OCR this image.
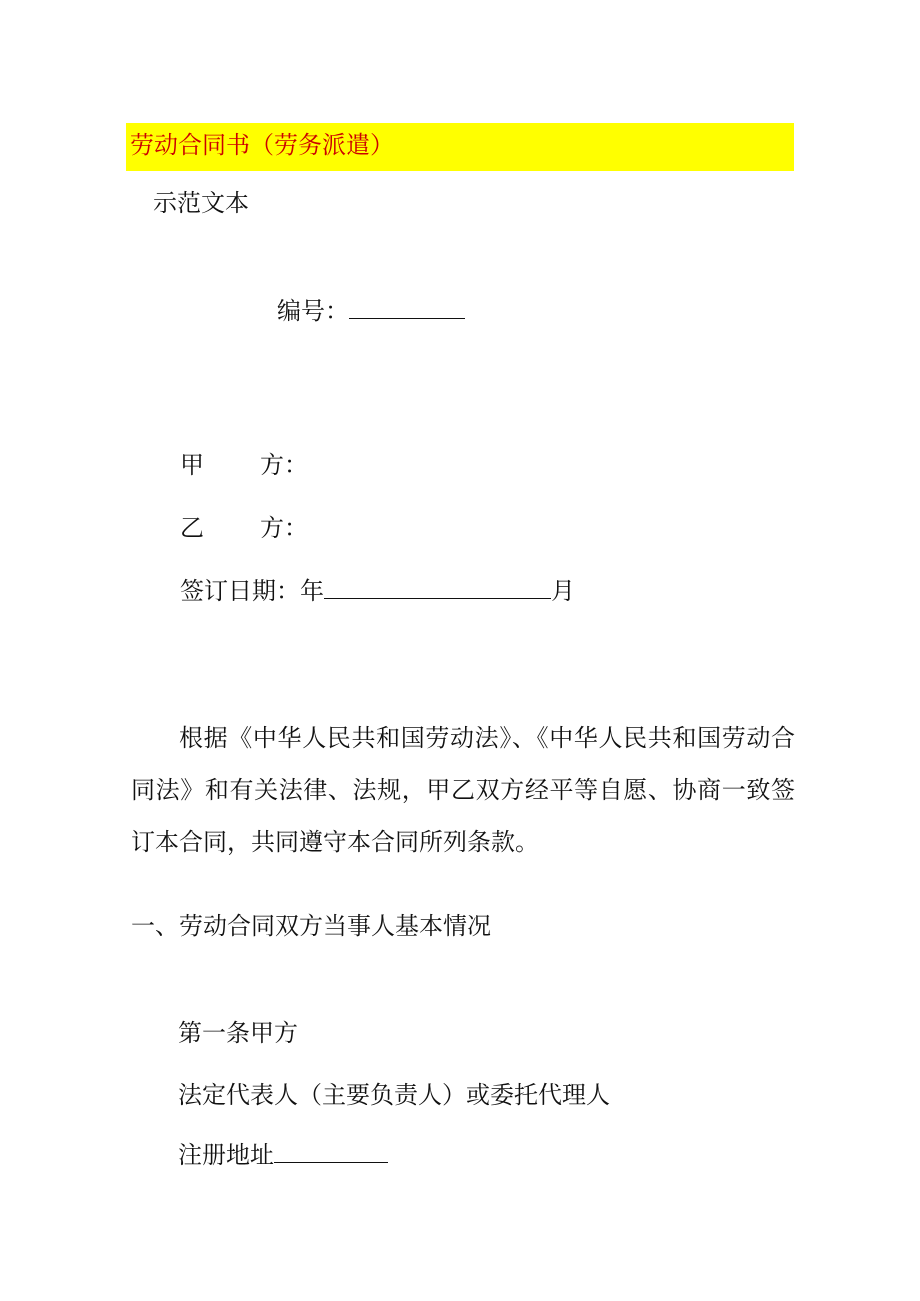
劳动合同书（劳务派遣）
示范文本
编号：
甲 方：
乙 方：
签订日期：年	月
根据《中华人民共和国劳动法》、《中华人民共和国劳动合同法》和有关法律、法规，甲乙双方经平等自愿、协商一致签订本合同，共同遵守本合同所列条款。
一、劳动合同双方当事人基本情况
第一条甲方
法定代表人（主要负责人）或委托代理人
注册地址
